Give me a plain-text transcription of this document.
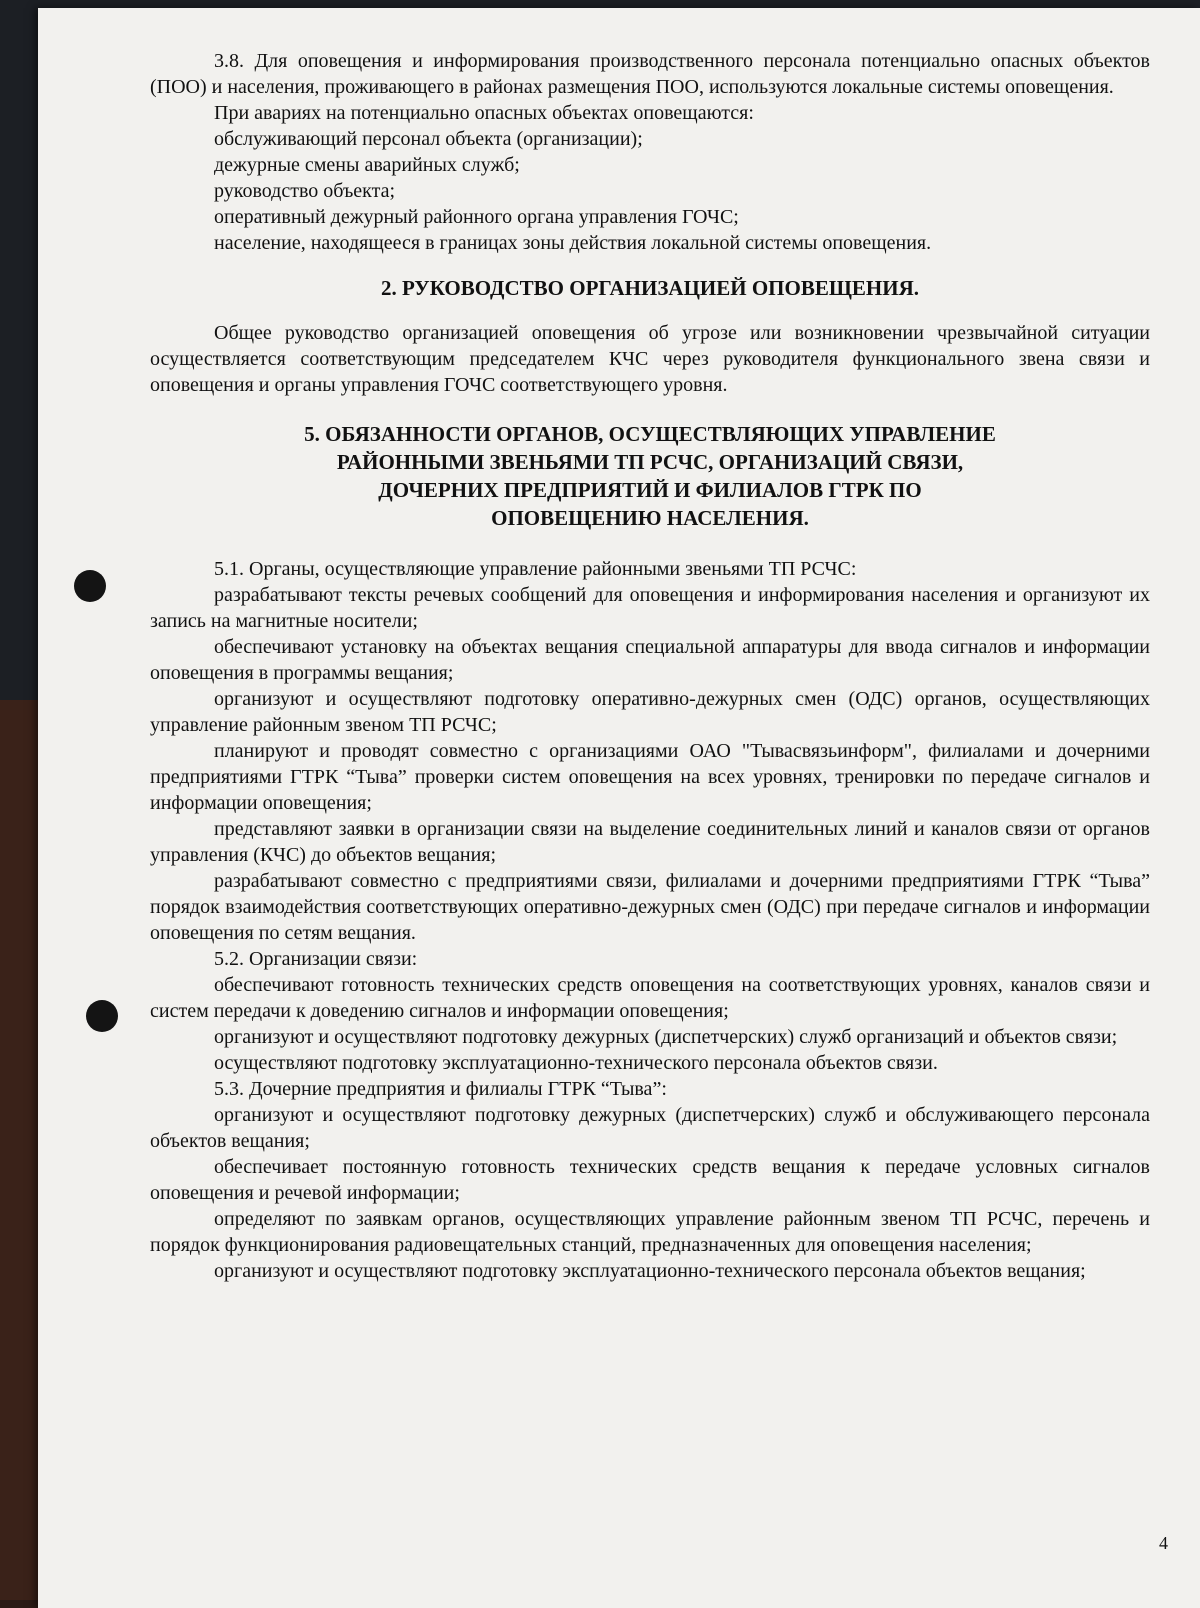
3.8. Для оповещения и информирования производственного персонала потенциально опасных объектов (ПОО) и населения, проживающего в районах размещения ПОО, используются локальные системы оповещения.

При авариях на потенциально опасных объектах оповещаются:

обслуживающий персонал объекта (организации);

дежурные смены аварийных служб;

руководство объекта;

оперативный дежурный районного органа управления ГОЧС;

население, находящееся в границах зоны действия локальной системы оповещения.

2. РУКОВОДСТВО ОРГАНИЗАЦИЕЙ ОПОВЕЩЕНИЯ.

Общее руководство организацией оповещения об угрозе или возникновении чрезвычайной ситуации осуществляется соответствующим председателем КЧС через руководителя функционального звена связи и оповещения и органы управления ГОЧС соответствующего уровня.

5. ОБЯЗАННОСТИ ОРГАНОВ, ОСУЩЕСТВЛЯЮЩИХ УПРАВЛЕНИЕ
РАЙОННЫМИ ЗВЕНЬЯМИ ТП РСЧС, ОРГАНИЗАЦИЙ СВЯЗИ,
ДОЧЕРНИХ ПРЕДПРИЯТИЙ И ФИЛИАЛОВ ГТРК ПО
ОПОВЕЩЕНИЮ НАСЕЛЕНИЯ.

5.1. Органы, осуществляющие управление районными звеньями ТП РСЧС:

разрабатывают тексты речевых сообщений для оповещения и информирования населения и организуют их запись на магнитные носители;

обеспечивают установку на объектах вещания специальной аппаратуры для ввода сигналов и информации оповещения в программы вещания;

организуют и осуществляют подготовку оперативно-дежурных смен (ОДС) органов, осуществляющих управление районным звеном ТП РСЧС;

планируют и проводят совместно с организациями ОАО "Тывасвязьинформ", филиалами и дочерними предприятиями ГТРК “Тыва” проверки систем оповещения на всех уровнях, тренировки по передаче сигналов и информации оповещения;

представляют заявки в организации связи на выделение соединительных линий и каналов связи от органов управления (КЧС) до объектов вещания;

разрабатывают совместно с предприятиями связи, филиалами и дочерними предприятиями ГТРК “Тыва” порядок взаимодействия соответствующих оперативно-дежурных смен (ОДС) при передаче сигналов и информации оповещения по сетям вещания.

5.2. Организации связи:

обеспечивают готовность технических средств оповещения на соответствующих уровнях, каналов связи и систем передачи к доведению сигналов и информации оповещения;

организуют и осуществляют подготовку дежурных (диспетчерских) служб организаций и объектов связи;

осуществляют подготовку эксплуатационно-технического персонала объектов связи.

5.3. Дочерние предприятия и филиалы ГТРК “Тыва”:

организуют и осуществляют подготовку дежурных (диспетчерских) служб и обслуживающего персонала объектов вещания;

обеспечивает постоянную готовность технических средств вещания к передаче условных сигналов оповещения и речевой информации;

определяют по заявкам органов, осуществляющих управление районным звеном ТП РСЧС, перечень и порядок функционирования радиовещательных станций, предназначенных для оповещения населения;

организуют и осуществляют подготовку эксплуатационно-технического персонала объектов вещания;

4
